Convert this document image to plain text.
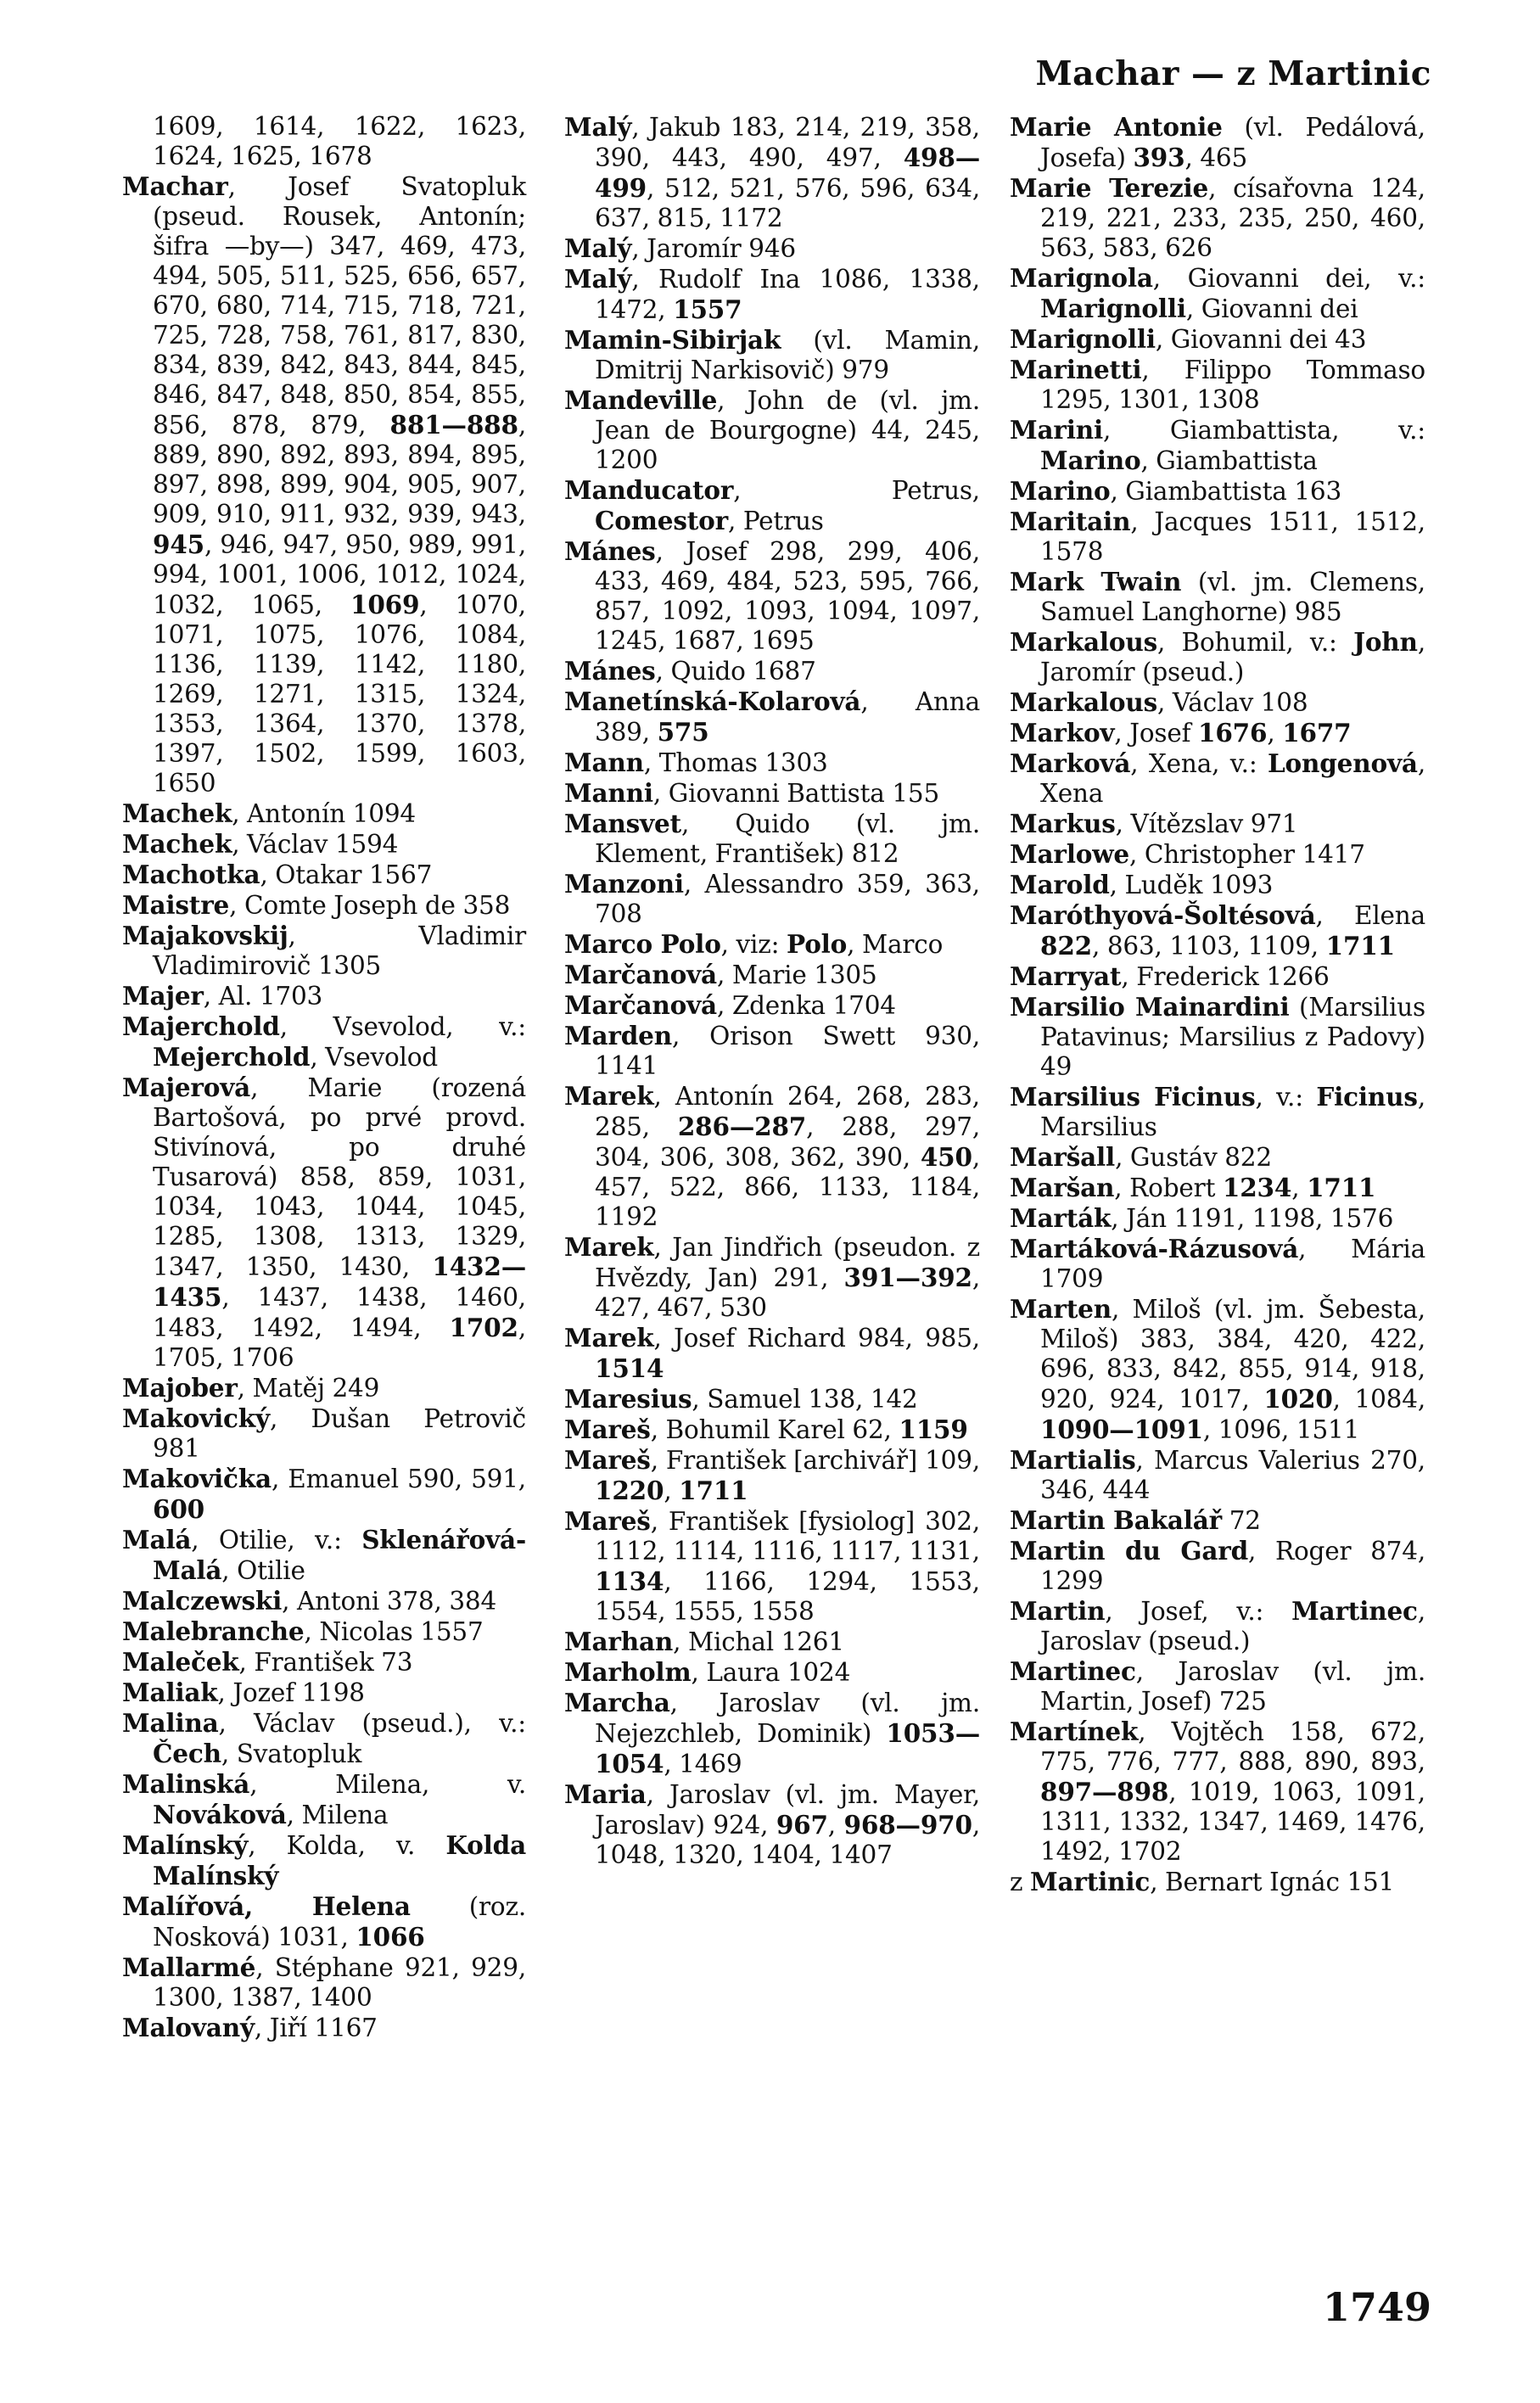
Machar — z Martinic

1609, 1614, 1622, 1623, 1624, 1625, 1678

Machar, Josef Svatopluk (pseud. Rousek, Antonín; šifra —by—) 347, 469, 473, 494, 505, 511, 525, 656, 657, 670, 680, 714, 715, 718, 721, 725, 728, 758, 761, 817, 830, 834, 839, 842, 843, 844, 845, 846, 847, 848, 850, 854, 855, 856, 878, 879, 881—888, 889, 890, 892, 893, 894, 895, 897, 898, 899, 904, 905, 907, 909, 910, 911, 932, 939, 943, 945, 946, 947, 950, 989, 991, 994, 1001, 1006, 1012, 1024, 1032, 1065, 1069, 1070, 1071, 1075, 1076, 1084, 1136, 1139, 1142, 1180, 1269, 1271, 1315, 1324, 1353, 1364, 1370, 1378, 1397, 1502, 1599, 1603, 1650

Machek, Antonín 1094

Machek, Václav 1594

Machotka, Otakar 1567

Maistre, Comte Joseph de 358

Majakovskij, Vladimir Vladimirovič 1305

Majer, Al. 1703

Majerchold, Vsevolod, v.: Mejerchold, Vsevolod

Majerová, Marie (rozená Bartošová, po prvé provd. Stivínová, po druhé Tusarová) 858, 859, 1031, 1034, 1043, 1044, 1045, 1285, 1308, 1313, 1329, 1347, 1350, 1430, 1432—1435, 1437, 1438, 1460, 1483, 1492, 1494, 1702, 1705, 1706

Majober, Matěj 249

Makovický, Dušan Petrovič 981

Makovička, Emanuel 590, 591, 600

Malá, Otilie, v.: Sklenářová-Malá, Otilie

Malczewski, Antoni 378, 384

Malebranche, Nicolas 1557

Maleček, František 73

Maliak, Jozef 1198

Malina, Václav (pseud.), v.: Čech, Svatopluk

Malinská, Milena, v. Nováková, Milena

Malínský, Kolda, v. Kolda Malínský

Malířová, Helena (roz. Nosková) 1031, 1066

Mallarmé, Stéphane 921, 929, 1300, 1387, 1400

Malovaný, Jiří 1167

Malý, Jakub 183, 214, 219, 358, 390, 443, 490, 497, 498—499, 512, 521, 576, 596, 634, 637, 815, 1172

Malý, Jaromír 946

Malý, Rudolf Ina 1086, 1338, 1472, 1557

Mamin-Sibirjak (vl. Mamin, Dmitrij Narkisovič) 979

Mandeville, John de (vl. jm. Jean de Bourgogne) 44, 245, 1200

Manducator, Petrus, Comestor, Petrus

Mánes, Josef 298, 299, 406, 433, 469, 484, 523, 595, 766, 857, 1092, 1093, 1094, 1097, 1245, 1687, 1695

Mánes, Quido 1687

Manetínská-Kolarová, Anna 389, 575

Mann, Thomas 1303

Manni, Giovanni Battista 155

Mansvet, Quido (vl. jm. Klement, František) 812

Manzoni, Alessandro 359, 363, 708

Marco Polo, viz: Polo, Marco

Marčanová, Marie 1305

Marčanová, Zdenka 1704

Marden, Orison Swett 930, 1141

Marek, Antonín 264, 268, 283, 285, 286—287, 288, 297, 304, 306, 308, 362, 390, 450, 457, 522, 866, 1133, 1184, 1192

Marek, Jan Jindřich (pseudon. z Hvězdy, Jan) 291, 391—392, 427, 467, 530

Marek, Josef Richard 984, 985, 1514

Maresius, Samuel 138, 142

Mareš, Bohumil Karel 62, 1159

Mareš, František [archivář] 109, 1220, 1711

Mareš, František [fysiolog] 302, 1112, 1114, 1116, 1117, 1131, 1134, 1166, 1294, 1553, 1554, 1555, 1558

Marhan, Michal 1261

Marholm, Laura 1024

Marcha, Jaroslav (vl. jm. Nejezchleb, Dominik) 1053—1054, 1469

Maria, Jaroslav (vl. jm. Mayer, Jaroslav) 924, 967, 968—970, 1048, 1320, 1404, 1407

Marie Antonie (vl. Pedálová, Josefa) 393, 465

Marie Terezie, císařovna 124, 219, 221, 233, 235, 250, 460, 563, 583, 626

Marignola, Giovanni dei, v.: Marignolli, Giovanni dei

Marignolli, Giovanni dei 43

Marinetti, Filippo Tommaso 1295, 1301, 1308

Marini, Giambattista, v.: Marino, Giambattista

Marino, Giambattista 163

Maritain, Jacques 1511, 1512, 1578

Mark Twain (vl. jm. Clemens, Samuel Langhorne) 985

Markalous, Bohumil, v.: John, Jaromír (pseud.)

Markalous, Václav 108

Markov, Josef 1676, 1677

Marková, Xena, v.: Longenová, Xena

Markus, Vítězslav 971

Marlowe, Christopher 1417

Marold, Luděk 1093

Maróthyová-Šoltésová, Elena 822, 863, 1103, 1109, 1711

Marryat, Frederick 1266

Marsilio Mainardini (Marsilius Patavinus; Marsilius z Padovy) 49

Marsilius Ficinus, v.: Ficinus, Marsilius

Maršall, Gustáv 822

Maršan, Robert 1234, 1711

Marták, Ján 1191, 1198, 1576

Martáková-Rázusová, Mária 1709

Marten, Miloš (vl. jm. Šebesta, Miloš) 383, 384, 420, 422, 696, 833, 842, 855, 914, 918, 920, 924, 1017, 1020, 1084, 1090—1091, 1096, 1511

Martialis, Marcus Valerius 270, 346, 444

Martin Bakalář 72

Martin du Gard, Roger 874, 1299

Martin, Josef, v.: Martinec, Jaroslav (pseud.)

Martinec, Jaroslav (vl. jm. Martin, Josef) 725

Martínek, Vojtěch 158, 672, 775, 776, 777, 888, 890, 893, 897—898, 1019, 1063, 1091, 1311, 1332, 1347, 1469, 1476, 1492, 1702

z Martinic, Bernart Ignác 151

1749
